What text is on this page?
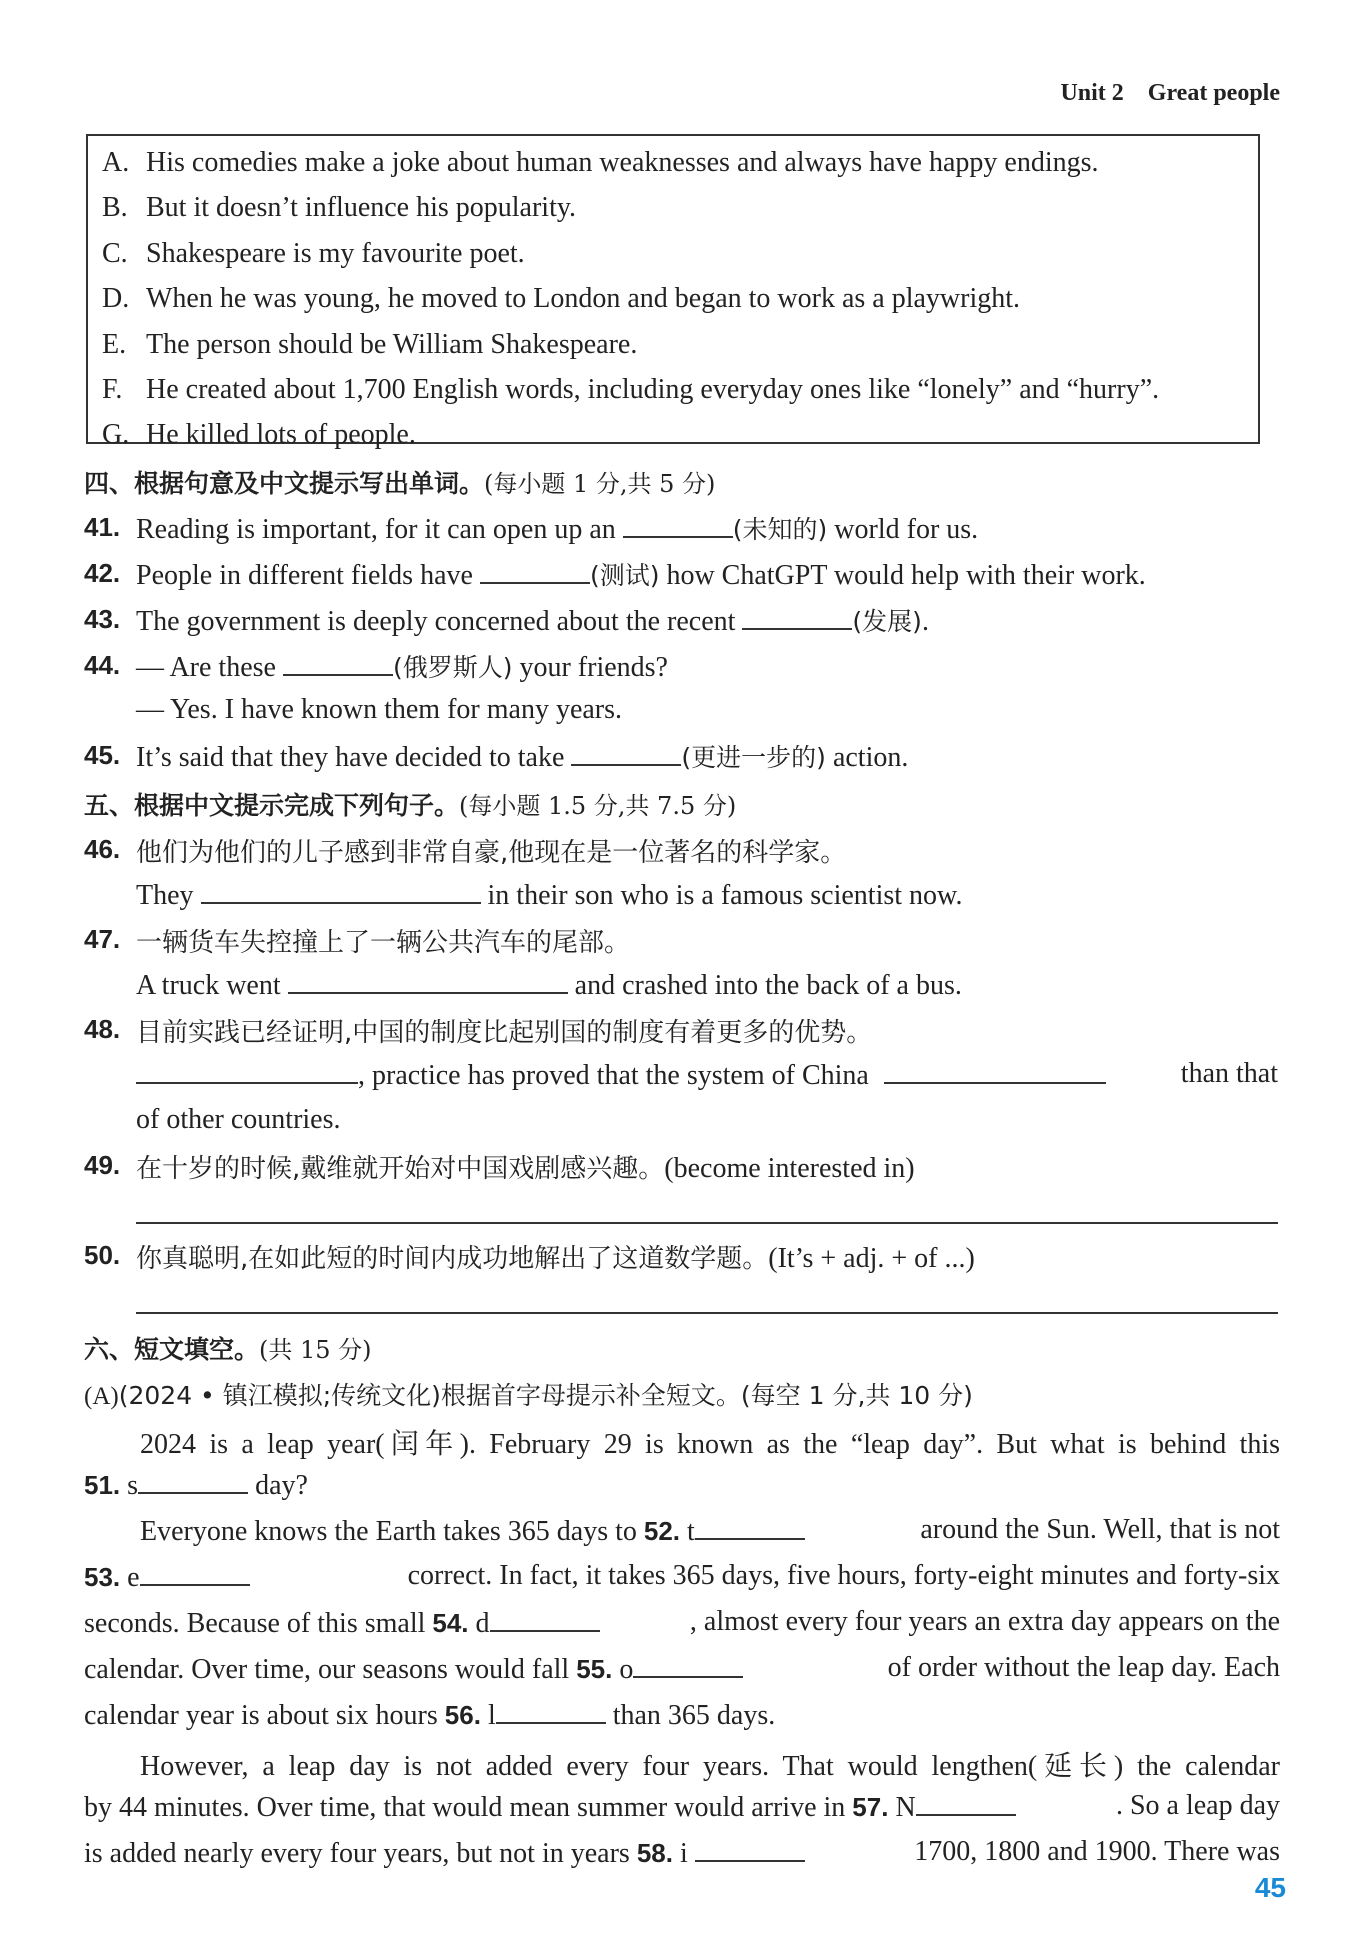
Unit 2 Great people
A. His comedies make a joke about human weaknesses and always have happy endings.
B. But it doesn’t influence his popularity.
C. Shakespeare is my favourite poet.
D. When he was young, he moved to London and began to work as a playwright.
E. The person should be William Shakespeare.
F. He created about 1,700 English words, including everyday ones like “lonely” and “hurry”.
G. He killed lots of people.
四、根据句意及中文提示写出单词。(每小题 1 分,共 5 分)
41. Reading is important, for it can open up an	(未知的) world for us.
42. People in different fields have	(测试) how ChatGPT would help with their work.
43. The government is deeply concerned about the recent	(发展).
44. — Are these	(俄罗斯人) your friends?
— Yes. I have known them for many years.
45. It’s said that they have decided to take	(更进一步的) action.
五、根据中文提示完成下列句子。(每小题 1.5 分,共 7.5 分)
46. 他们为他们的儿子感到非常自豪,他现在是一位著名的科学家。
They	in their son who is a famous scientist now.
47. 一辆货车失控撞上了一辆公共汽车的尾部。
A truck went	and crashed into the back of a bus.
48. 目前实践已经证明,中国的制度比起别国的制度有着更多的优势。
, practice has proved that the system of China	than that
of other countries.
49. 在十岁的时候,戴维就开始对中国戏剧感兴趣。(become interested in)
50. 你真聪明,在如此短的时间内成功地解出了这道数学题。(It’s + adj. + of ...)
六、短文填空。(共 15 分)
(A)(2024 • 镇江模拟;传统文化)根据首字母提示补全短文。(每空 1 分,共 10 分)
2024 is a leap year(闰年). February 29 is known as the “leap day”. But what is behind this
51. s	day?
Everyone knows the Earth takes 365 days to 52. t	around the Sun. Well, that is not
53. e	correct. In fact, it takes 365 days, five hours, forty-eight minutes and forty-six
seconds. Because of this small 54. d	, almost every four years an extra day appears on the
calendar. Over time, our seasons would fall 55. o	of order without the leap day. Each
calendar year is about six hours 56. l	than 365 days.
However, a leap day is not added every four years. That would lengthen(延长) the calendar
by 44 minutes. Over time, that would mean summer would arrive in 57. N	. So a leap day
is added nearly every four years, but not in years 58. i	1700, 1800 and 1900. There was
45
